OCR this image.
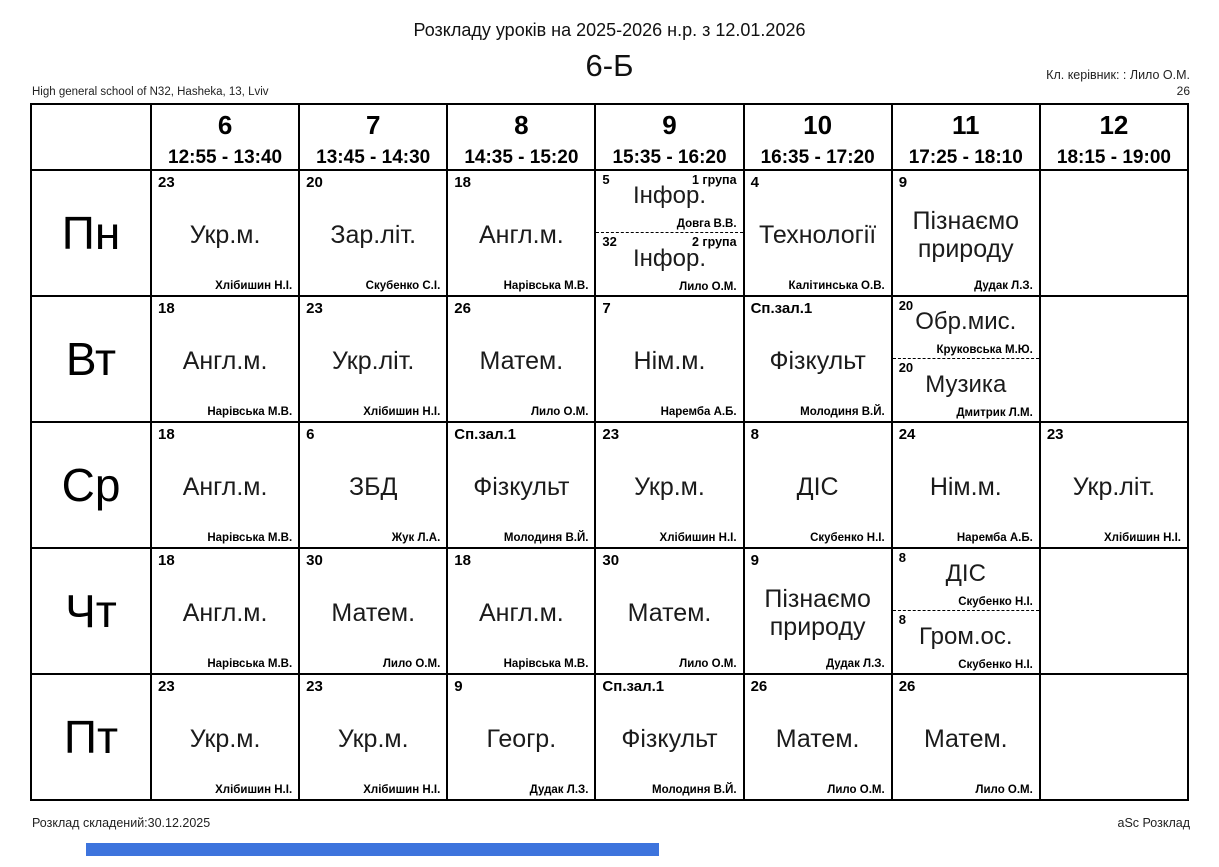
Розкладу уроків на 2025-2026 н.р. з 12.01.2026
6-Б	Кл. керівник: : Лило О.М.
26
High general school of N32, Hasheka, 13, Lviv

6
12:55 - 13:40

7
13:45 - 14:30

8
14:35 - 15:20

9
15:35 - 16:20

10
16:35 - 17:20

11
17:25 - 18:10

12
18:15 - 19:00

Пн	
23
Укр.м.
Хлібишин Н.І.

20
Зар.літ.
Скубенко С.І.

18
Англ.м.
Нарівська М.В.

5	1 група
Інфор.
Довга В.В.
32	2 група
Інфор.
Лило О.М.

4
Технології
Калітинська О.В.

9
Пізнаємо природу
Дудак Л.З.

Вт	
18
Англ.м.
Нарівська М.В.

23
Укр.літ.
Хлібишин Н.І.

26
Матем.
Лило О.М.

7
Нім.м.
Наремба А.Б.

Сп.зал.1
Фізкульт
Молодиня В.Й.

20
Обр.мис.
Круковська М.Ю.
20
Музика
Дмитрик Л.М.

Ср	
18
Англ.м.
Нарівська М.В.

6
ЗБД
Жук Л.А.

Сп.зал.1
Фізкульт
Молодиня В.Й.

23
Укр.м.
Хлібишин Н.І.

8
ДІС
Скубенко Н.І.

24
Нім.м.
Наремба А.Б.

23
Укр.літ.
Хлібишин Н.І.

Чт	
18
Англ.м.
Нарівська М.В.

30
Матем.
Лило О.М.

18
Англ.м.
Нарівська М.В.

30
Матем.
Лило О.М.

9
Пізнаємо природу
Дудак Л.З.

8
ДІС
Скубенко Н.І.
8
Гром.ос.
Скубенко Н.І.

Пт	
23
Укр.м.
Хлібишин Н.І.

23
Укр.м.
Хлібишин Н.І.

9
Геогр.
Дудак Л.З.

Сп.зал.1
Фізкульт
Молодиня В.Й.

26
Матем.
Лило О.М.

26
Матем.
Лило О.М.

Розклад складений:30.12.2025	aSc Розклад
